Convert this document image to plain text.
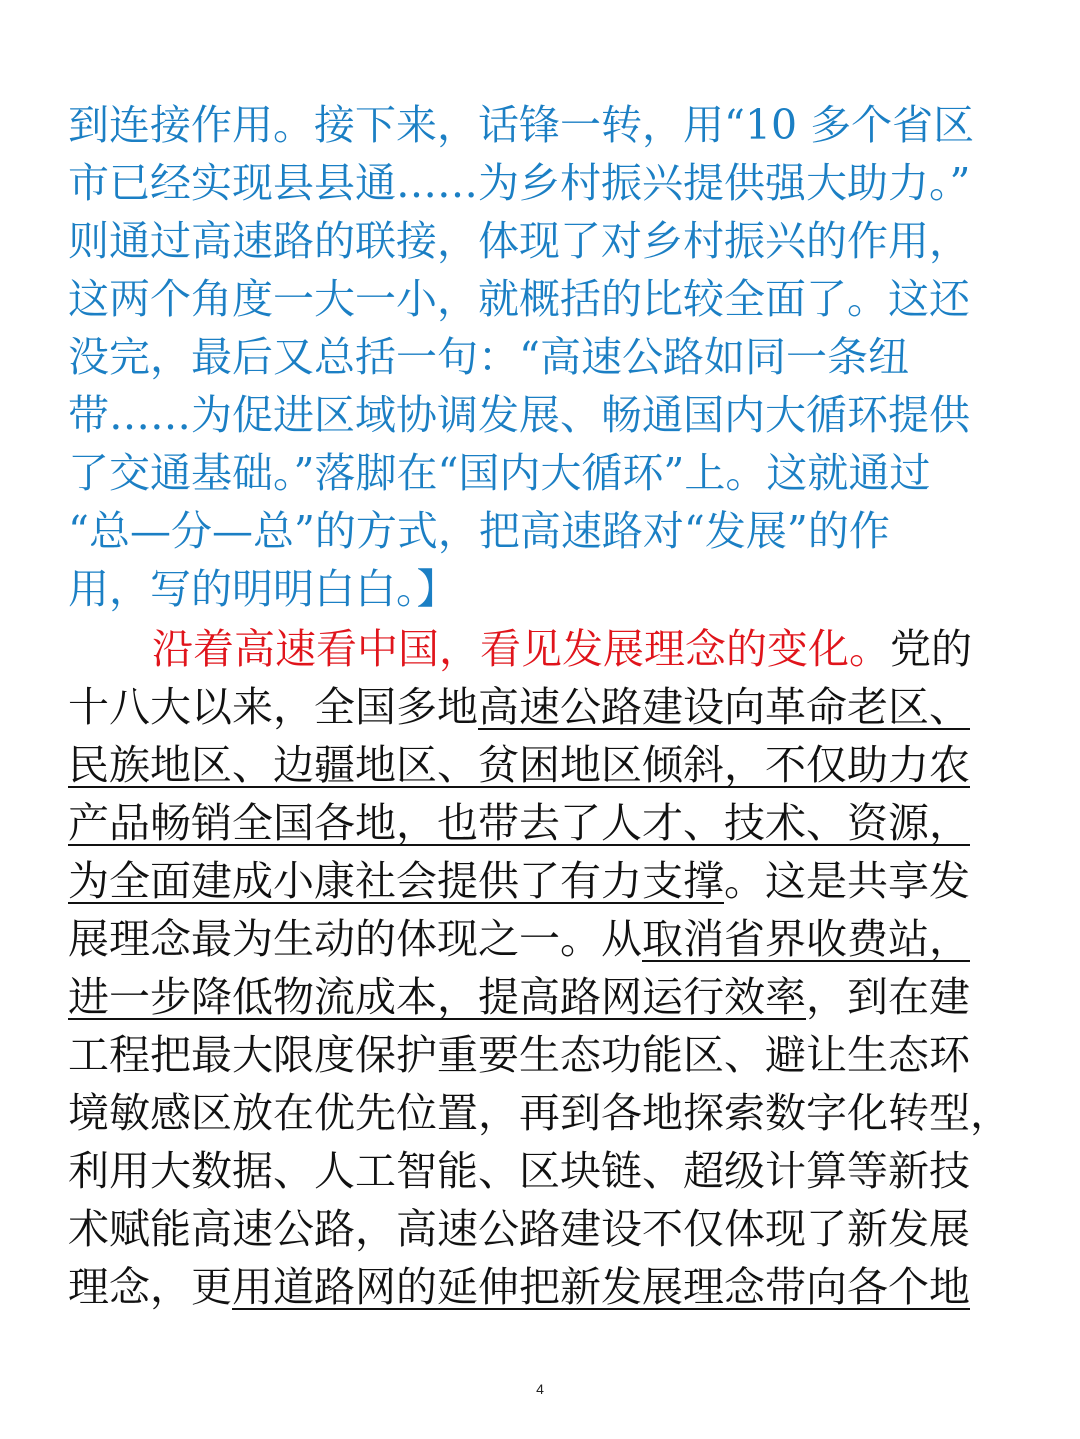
到连接作用。接下来，话锋一转，用“10 多个省区
市已经实现县县通……为乡村振兴提供强大助力。”
则通过高速路的联接，体现了对乡村振兴的作用，
这两个角度一大一小，就概括的比较全面了。这还
没完，最后又总括一句：“高速公路如同一条纽
带……为促进区域协调发展、畅通国内大循环提供
了交通基础。”落脚在“国内大循环”上。这就通过
“总—分—总”的方式，把高速路对“发展”的作
用，写的明明白白。】
沿着高速看中国，看见发展理念的变化。党的
十八大以来，全国多地高速公路建设向革命老区、
民族地区、边疆地区、贫困地区倾斜，不仅助力农
产品畅销全国各地，也带去了人才、技术、资源，
为全面建成小康社会提供了有力支撑。这是共享发
展理念最为生动的体现之一。从取消省界收费站，
进一步降低物流成本，提高路网运行效率，到在建
工程把最大限度保护重要生态功能区、避让生态环
境敏感区放在优先位置，再到各地探索数字化转型，
利用大数据、人工智能、区块链、超级计算等新技
术赋能高速公路，高速公路建设不仅体现了新发展
理念，更用道路网的延伸把新发展理念带向各个地
4
